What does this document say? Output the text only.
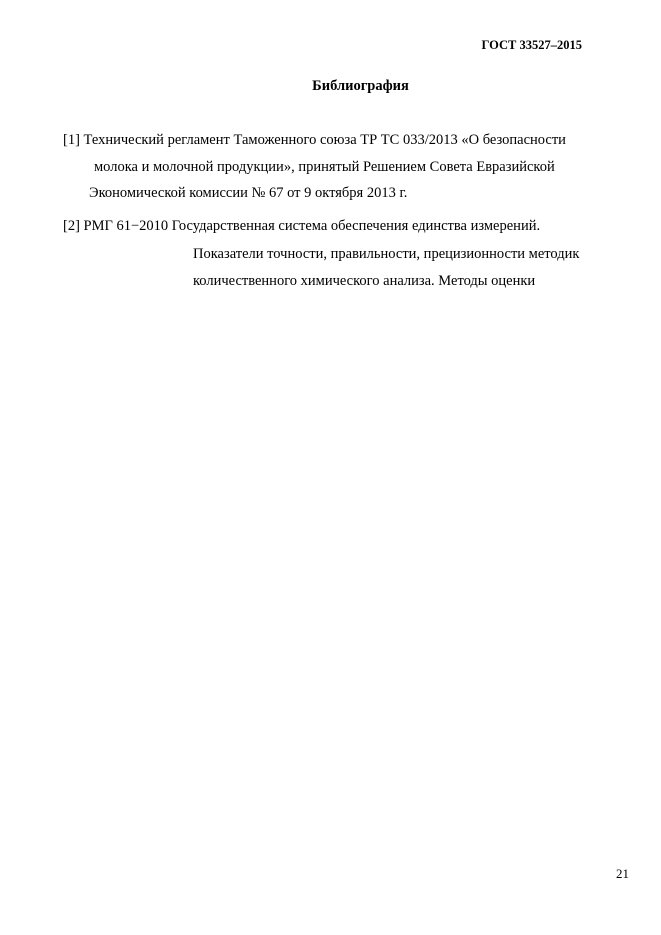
ГОСТ 33527–2015
Библиография
[1] Технический регламент Таможенного союза ТР ТС 033/2013 «О безопасности
молока и молочной продукции», принятый Решением Совета Евразийской
Экономической комиссии № 67 от 9 октября 2013 г.
[2] РМГ 61−2010 Государственная система обеспечения единства измерений.
Показатели точности, правильности, прецизионности методик
количественного химического анализа. Методы оценки
21
